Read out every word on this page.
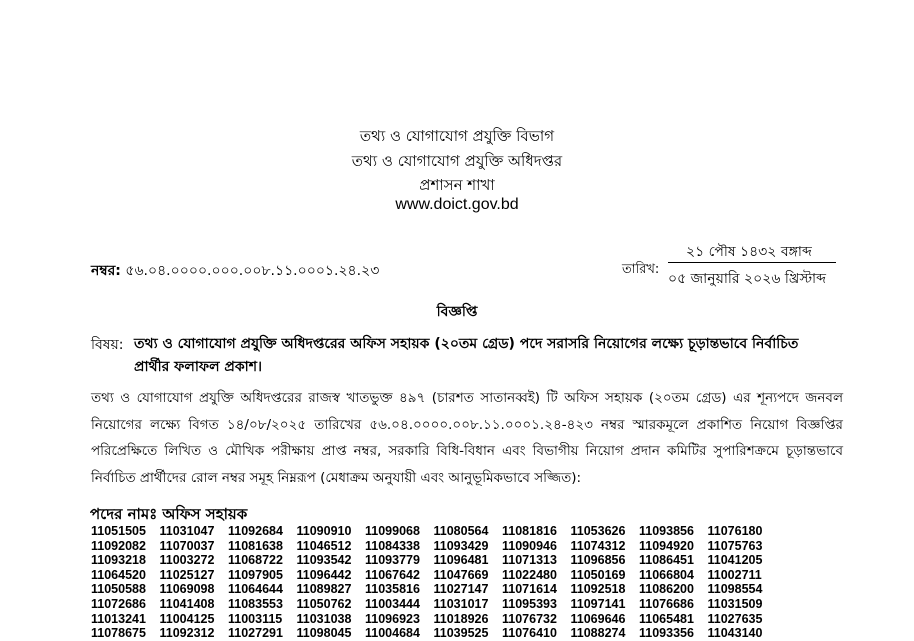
তথ্য ও যোগাযোগ প্রযুক্তি বিভাগ
তথ্য ও যোগাযোগ প্রযুক্তি অধিদপ্তর
প্রশাসন শাখা
www.doict.gov.bd
নম্বর: ৫৬.০৪.০০০০.০০০.০০৮.১১.০০০১.২৪.২৩	তারিখ:
২১ পৌষ ১৪৩২ বঙ্গাব্দ
০৫ জানুয়ারি ২০২৬ খ্রিস্টাব্দ
বিজ্ঞপ্তি
বিষয়: তথ্য ও যোগাযোগ প্রযুক্তি অধিদপ্তরের অফিস সহায়ক (২০তম গ্রেড) পদে সরাসরি নিয়োগের লক্ষ্যে চূড়ান্তভাবে নির্বাচিত প্রার্থীর ফলাফল প্রকাশ।
তথ্য ও যোগাযোগ প্রযুক্তি অধিদপ্তরের রাজস্ব খাতভুক্ত ৪৯৭ (চারশত সাতানব্বই) টি অফিস সহায়ক (২০তম গ্রেড) এর শূন্যপদে জনবল নিয়োগের লক্ষ্যে বিগত ১৪/০৮/২০২৫ তারিখের ৫৬.০৪.০০০০.০০৮.১১.০০০১.২৪-৪২৩ নম্বর স্মারকমূলে প্রকাশিত নিয়োগ বিজ্ঞপ্তির পরিপ্রেক্ষিতে লিখিত ও মৌখিক পরীক্ষায় প্রাপ্ত নম্বর, সরকারি বিধি-বিধান এবং বিভাগীয় নিয়োগ প্রদান কমিটির সুপারিশক্রমে চূড়ান্তভাবে নির্বাচিত প্রার্থীদের রোল নম্বর সমূহ নিম্নরূপ (মেধাক্রম অনুযায়ী এবং আনুভূমিকভাবে সজ্জিত):
পদের নামঃ অফিস সহায়ক
11051505	11031047	11092684	11090910	11099068	11080564	11081816	11053626	11093856	11076180
11092082	11070037	11081638	11046512	11084338	11093429	11090946	11074312	11094920	11075763
11093218	11003272	11068722	11093542	11093779	11096481	11071313	11096856	11086451	11041205
11064520	11025127	11097905	11096442	11067642	11047669	11022480	11050169	11066804	11002711
11050588	11069098	11064644	11089827	11035816	11027147	11071614	11092518	11086200	11098554
11072686	11041408	11083553	11050762	11003444	11031017	11095393	11097141	11076686	11031509
11013241	11004125	11003115	11031038	11096923	11018926	11076732	11069646	11065481	11027635
11078675	11092312	11027291	11098045	11004684	11039525	11076410	11088274	11093356	11043140
